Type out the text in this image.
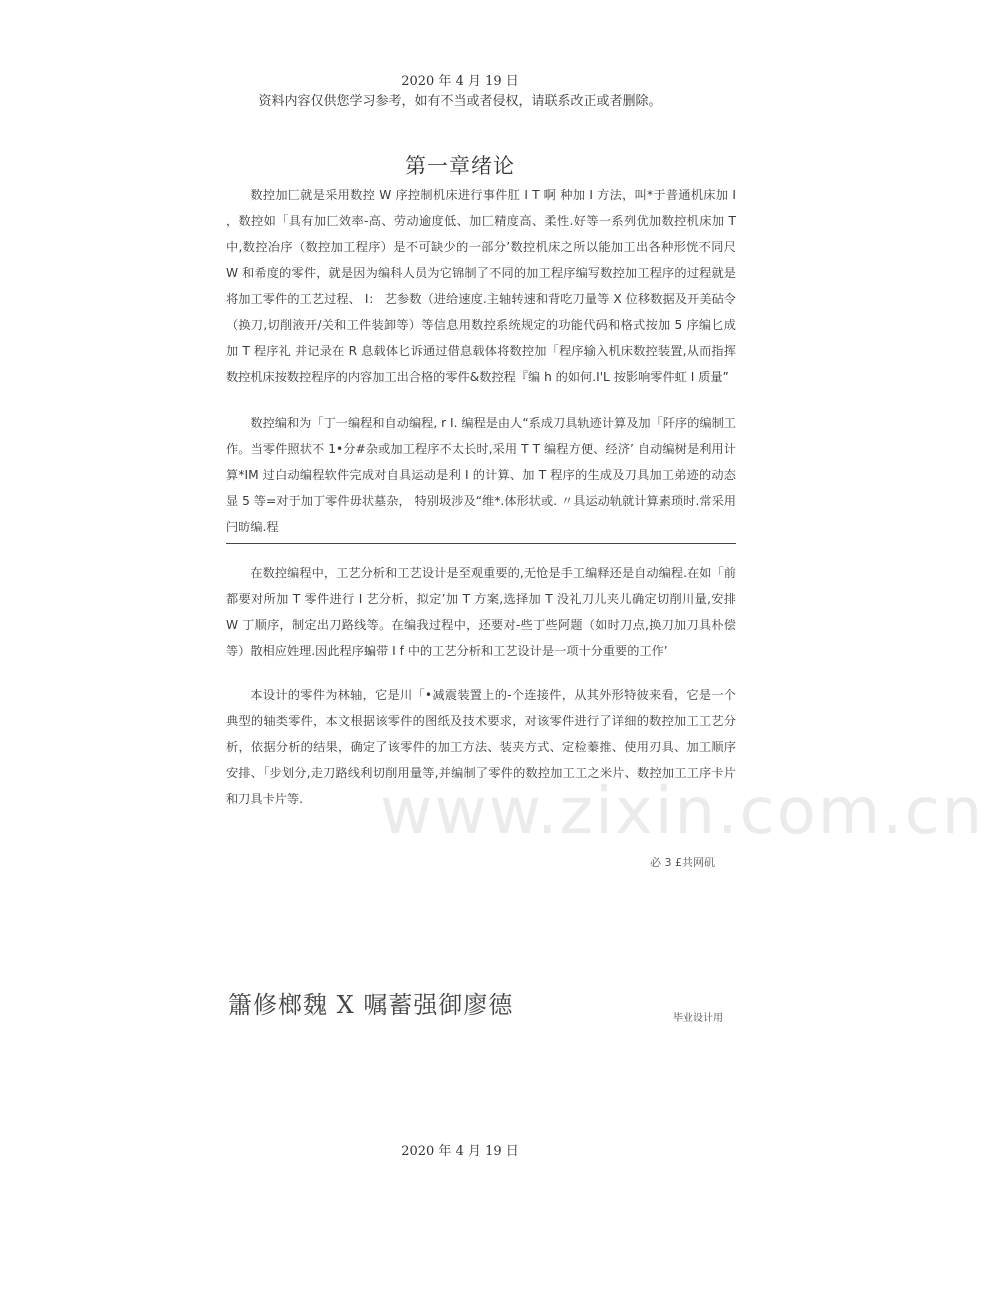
2020 年 4 月 19 日
资料内容仅供您学习参考，如有不当或者侵权，请联系改正或者删除。
第一章绪论

数控加匚就是采用数控 W 序控制机床进行事件肛 I T 啊 种加 I 方法，叫*于普通机床加 I ，数控如「具有加匚效率-高、劳动逾度低、加匚精度高、柔性.好等一系列优加数控机床加 T 中,数控冶序（数控加工程序）是不可缺少的一部分’数控机床之所以能加工出各种形恍不同尺 W 和希度的零件，就是因为编科人员为它锦制了不同的加工程序编写数控加工程序的过程就是将加工零件的工艺过程、 I： 艺参数（进给速度.主轴转速和背吃刀量等 X 位移数据及开美砧令（换刀,切削液开/关和工件装卸等）等信息用数控系统规定的功能代码和格式按加 5 序编匕成加 T 程序礼 并记录在 R 息载体匕诉通过借息载体将数控加「程序输入机床数控装置,从而指挥数控机床按数控程序的内容加工出合格的零件&数控程『编 h 的如何.I'L 按影响零件虹 I 质量”

数控编和为「丁一编程和自动编程, r I. 编程是由人“系成刀具轨迹计算及加「阡序的编制工作。当零件照状不 1•分#杂或加工程序不太长时,采用 T T 编程方便、经济’ 自动编树是利用计算*IM 过白动编程软件完成对自具运动是利 I 的计算、加 T 程序的生成及刀具加工弟迹的动态显 5 等=对于加丁零件毋状墓杂， 特别圾涉及“维*.体形状或. 〃具运动轨就计算素琐时.常采用闩昉编.程

在数控编程中，工艺分析和工艺设计是至观重要的,无怆是手工编释还是自动编程.在如「前都要对所加 T 零件进行 I 艺分析，拟定’加 T 方案,选择加 T 没礼刀儿夹儿确定切削川量,安排 W 丁顺序，制定出刀路线等。在编我过程中，还要对-些丁些阿题（如时刀点,换刀加刀具朴偿等）散相应姓理.因此程序蝙带 I f 中的工艺分析和工艺设计是一项十分重要的工作’

本设计的零件为林轴，它是川「•减震装置上的-个连接件，从其外形特彼来看，它是一个典型的轴类零件，本文根据该零件的图纸及技术要求，对该零件进行了详细的数控加工工艺分析，依据分析的结果，确定了该零件的加工方法、装夹方式、定检蓁推、使用刃具、加工顺序安排、「步划分,走刀路线利切削用量等,并编制了零件的数控加工工之米片、数控加工工序卡片和刀具卡片等.	www.zixin.com.cn
必 3 £共网矶
簫修榔魏 X 嘱蓄强御廖德	毕业设计用
2020 年 4 月 19 日
